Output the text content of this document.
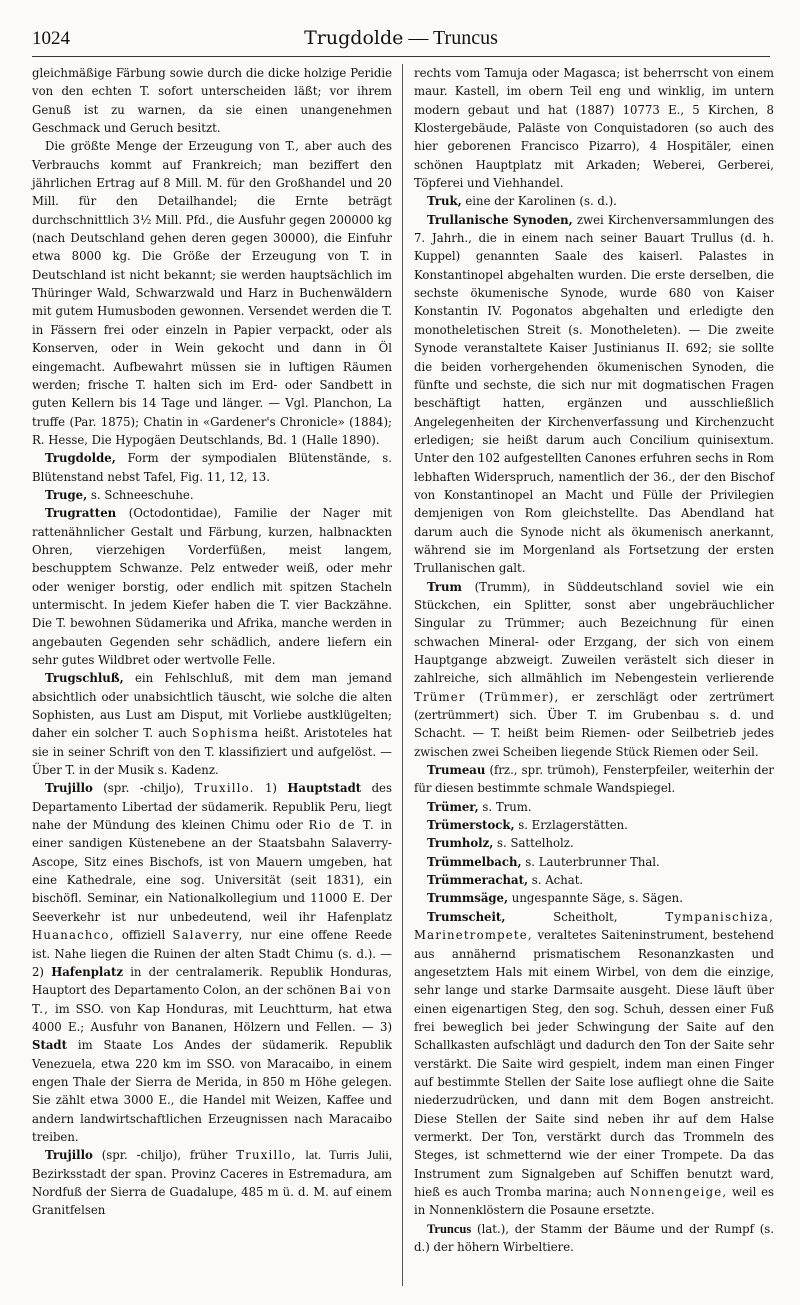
1024	Trugdolde — Truncus

gleichmäßige Färbung sowie durch die dicke holzige Peridie von den echten T. sofort unterscheiden läßt; vor ihrem Genuß ist zu warnen, da sie einen unangenehmen Geschmack und Geruch besitzt.

Die größte Menge der Erzeugung von T., aber auch des Verbrauchs kommt auf Frankreich; man beziffert den jährlichen Ertrag auf 8 Mill. M. für den Großhandel und 20 Mill. für den Detailhandel; die Ernte beträgt durchschnittlich 3½ Mill. Pfd., die Ausfuhr gegen 200000 kg (nach Deutschland gehen deren gegen 30000), die Einfuhr etwa 8000 kg. Die Größe der Erzeugung von T. in Deutschland ist nicht bekannt; sie werden hauptsächlich im Thüringer Wald, Schwarzwald und Harz in Buchenwäldern mit gutem Humusboden gewonnen. Versendet werden die T. in Fässern frei oder einzeln in Papier verpackt, oder als Konserven, oder in Wein gekocht und dann in Öl eingemacht. Aufbewahrt müssen sie in luftigen Räumen werden; frische T. halten sich im Erd- oder Sandbett in guten Kellern bis 14 Tage und länger. — Vgl. Planchon, La truffe (Par. 1875); Chatin in «Gardener's Chronicle» (1884); R. Hesse, Die Hypogäen Deutschlands, Bd. 1 (Halle 1890).

Trugdolde, Form der sympodialen Blütenstände, s. Blütenstand nebst Tafel, Fig. 11, 12, 13.

Truge, s. Schneeschuhe.

Trugratten (Octodontidae), Familie der Nager mit rattenähnlicher Gestalt und Färbung, kurzen, halbnackten Ohren, vierzehigen Vorderfüßen, meist langem, beschupptem Schwanze. Pelz entweder weiß, oder mehr oder weniger borstig, oder endlich mit spitzen Stacheln untermischt. In jedem Kiefer haben die T. vier Backzähne. Die T. bewohnen Südamerika und Afrika, manche werden in angebauten Gegenden sehr schädlich, andere liefern ein sehr gutes Wildbret oder wertvolle Felle.

Trugschluß, ein Fehlschluß, mit dem man jemand absichtlich oder unabsichtlich täuscht, wie solche die alten Sophisten, aus Lust am Disput, mit Vorliebe austklügelten; daher ein solcher T. auch Sophisma heißt. Aristoteles hat sie in seiner Schrift von den T. klassifiziert und aufgelöst. — Über T. in der Musik s. Kadenz.

Trujillo (spr. -chiljo), Truxillo. 1) Hauptstadt des Departamento Libertad der südamerik. Republik Peru, liegt nahe der Mündung des kleinen Chimu oder Rio de T. in einer sandigen Küstenebene an der Staatsbahn Salaverry-Ascope, Sitz eines Bischofs, ist von Mauern umgeben, hat eine Kathedrale, eine sog. Universität (seit 1831), ein bischöfl. Seminar, ein Nationalkollegium und 11000 E. Der Seeverkehr ist nur unbedeutend, weil ihr Hafenplatz Huanachco, offiziell Salaverry, nur eine offene Reede ist. Nahe liegen die Ruinen der alten Stadt Chimu (s. d.). — 2) Hafenplatz in der centralamerik. Republik Honduras, Hauptort des Departamento Colon, an der schönen Bai von T., im SSO. von Kap Honduras, mit Leuchtturm, hat etwa 4000 E.; Ausfuhr von Bananen, Hölzern und Fellen. — 3) Stadt im Staate Los Andes der südamerik. Republik Venezuela, etwa 220 km im SSO. von Maracaibo, in einem engen Thale der Sierra de Merida, in 850 m Höhe gelegen. Sie zählt etwa 3000 E., die Handel mit Weizen, Kaffee und andern landwirtschaftlichen Erzeugnissen nach Maracaibo treiben.

Trujillo (spr. -chiljo), früher Truxillo, lat. Turris Julii, Bezirksstadt der span. Provinz Caceres in Estremadura, am Nordfuß der Sierra de Guadalupe, 485 m ü. d. M. auf einem Granitfelsen

rechts vom Tamuja oder Magasca; ist beherrscht von einem maur. Kastell, im obern Teil eng und winklig, im untern modern gebaut und hat (1887) 10773 E., 5 Kirchen, 8 Klostergebäude, Paläste von Conquistadoren (so auch des hier geborenen Francisco Pizarro), 4 Hospitäler, einen schönen Hauptplatz mit Arkaden; Weberei, Gerberei, Töpferei und Viehhandel.

Truk, eine der Karolinen (s. d.).

Trullanische Synoden, zwei Kirchenversammlungen des 7. Jahrh., die in einem nach seiner Bauart Trullus (d. h. Kuppel) genannten Saale des kaiserl. Palastes in Konstantinopel abgehalten wurden. Die erste derselben, die sechste ökumenische Synode, wurde 680 von Kaiser Konstantin IV. Pogonatos abgehalten und erledigte den monotheletischen Streit (s. Monotheleten). — Die zweite Synode veranstaltete Kaiser Justinianus II. 692; sie sollte die beiden vorhergehenden ökumenischen Synoden, die fünfte und sechste, die sich nur mit dogmatischen Fragen beschäftigt hatten, ergänzen und ausschließlich Angelegenheiten der Kirchenverfassung und Kirchenzucht erledigen; sie heißt darum auch Concilium quinisextum. Unter den 102 aufgestellten Canones erfuhren sechs in Rom lebhaften Widerspruch, namentlich der 36., der den Bischof von Konstantinopel an Macht und Fülle der Privilegien demjenigen von Rom gleichstellte. Das Abendland hat darum auch die Synode nicht als ökumenisch anerkannt, während sie im Morgenland als Fortsetzung der ersten Trullanischen galt.

Trum (Trumm), in Süddeutschland soviel wie ein Stückchen, ein Splitter, sonst aber ungebräuchlicher Singular zu Trümmer; auch Bezeichnung für einen schwachen Mineral- oder Erzgang, der sich von einem Hauptgange abzweigt. Zuweilen verästelt sich dieser in zahlreiche, sich allmählich im Nebengestein verlierende Trümer (Trümmer), er zerschlägt oder zertrümert (zertrümmert) sich. Über T. im Grubenbau s. d. und Schacht. — T. heißt beim Riemen- oder Seilbetrieb jedes zwischen zwei Scheiben liegende Stück Riemen oder Seil.

Trumeau (frz., spr. trümoh), Fensterpfeiler, weiterhin der für diesen bestimmte schmale Wandspiegel.

Trümer, s. Trum.

Trümerstock, s. Erzlagerstätten.

Trumholz, s. Sattelholz.

Trümmelbach, s. Lauterbrunner Thal.

Trümmerachat, s. Achat.

Trummsäge, ungespannte Säge, s. Sägen.

Trumscheit,	Scheitholt,	Tympanischiza, Marinetrompete, veraltetes Saiteninstrument, bestehend aus annähernd prismatischem Resonanzkasten und angesetztem Hals mit einem Wirbel, von dem die einzige, sehr lange und starke Darmsaite ausgeht. Diese läuft über einen eigenartigen Steg, den sog. Schuh, dessen einer Fuß frei beweglich bei jeder Schwingung der Saite auf den Schallkasten aufschlägt und dadurch den Ton der Saite sehr verstärkt. Die Saite wird gespielt, indem man einen Finger auf bestimmte Stellen der Saite lose aufliegt ohne die Saite niederzudrücken, und dann mit dem Bogen anstreicht. Diese Stellen der Saite sind neben ihr auf dem Halse vermerkt. Der Ton, verstärkt durch das Trommeln des Steges, ist schmetternd wie der einer Trompete. Da das Instrument zum Signalgeben auf Schiffen benutzt ward, hieß es auch Tromba marina; auch Nonnengeige, weil es in Nonnenklöstern die Posaune ersetzte.

Truncus (lat.), der Stamm der Bäume und der Rumpf (s. d.) der höhern Wirbeltiere.
